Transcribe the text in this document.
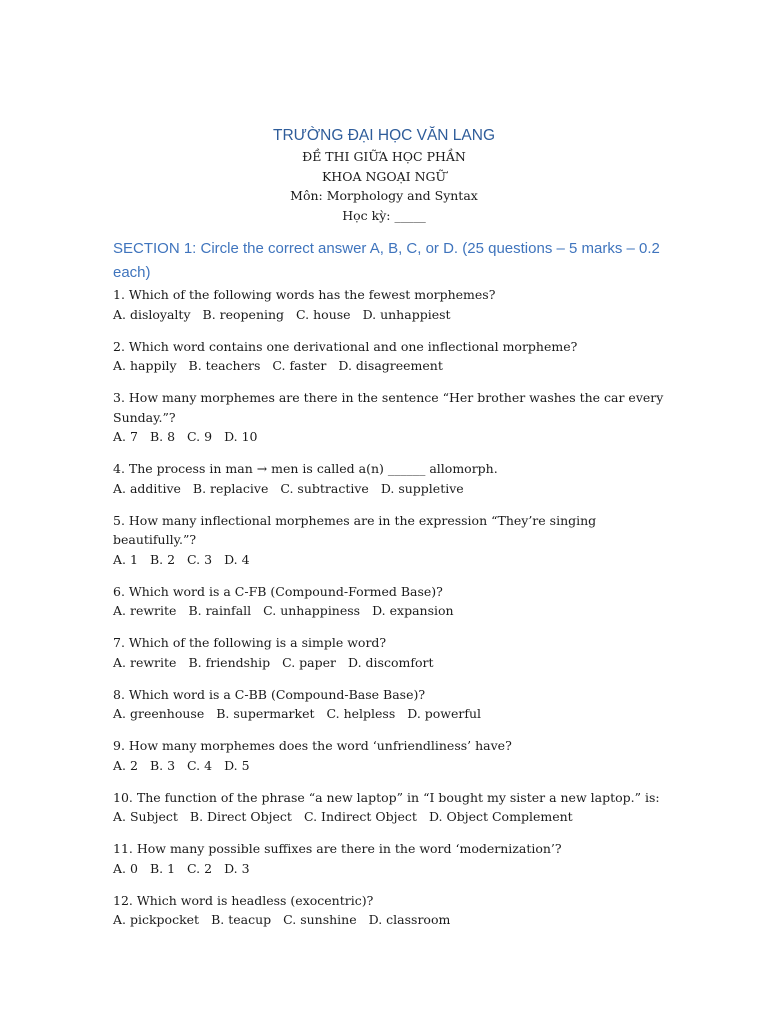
TRƯỜNG ĐẠI HỌC VĂN LANG

ĐỀ THI GIỮA HỌC PHẦN

KHOA NGOẠI NGỮ

Môn: Morphology and Syntax

Học kỳ: _____

SECTION 1: Circle the correct answer A, B, C, or D. (25 questions – 5 marks – 0.2 each)

1. Which of the following words has the fewest morphemes?

A. disloyalty B. reopening C. house D. unhappiest

2. Which word contains one derivational and one inflectional morpheme?

A. happily B. teachers C. faster D. disagreement

3. How many morphemes are there in the sentence “Her brother washes the car every Sunday.”?

A. 7 B. 8 C. 9 D. 10

4. The process in man → men is called a(n) ______ allomorph.

A. additive B. replacive C. subtractive D. suppletive

5. How many inflectional morphemes are in the expression “They’re singing beautifully.”?

A. 1 B. 2 C. 3 D. 4

6. Which word is a C-FB (Compound-Formed Base)?

A. rewrite B. rainfall C. unhappiness D. expansion

7. Which of the following is a simple word?

A. rewrite B. friendship C. paper D. discomfort

8. Which word is a C-BB (Compound-Base Base)?

A. greenhouse B. supermarket C. helpless D. powerful

9. How many morphemes does the word ‘unfriendliness’ have?

A. 2 B. 3 C. 4 D. 5

10. The function of the phrase “a new laptop” in “I bought my sister a new laptop.” is:

A. Subject B. Direct Object C. Indirect Object D. Object Complement

11. How many possible suffixes are there in the word ‘modernization’?

A. 0 B. 1 C. 2 D. 3

12. Which word is headless (exocentric)?

A. pickpocket B. teacup C. sunshine D. classroom
